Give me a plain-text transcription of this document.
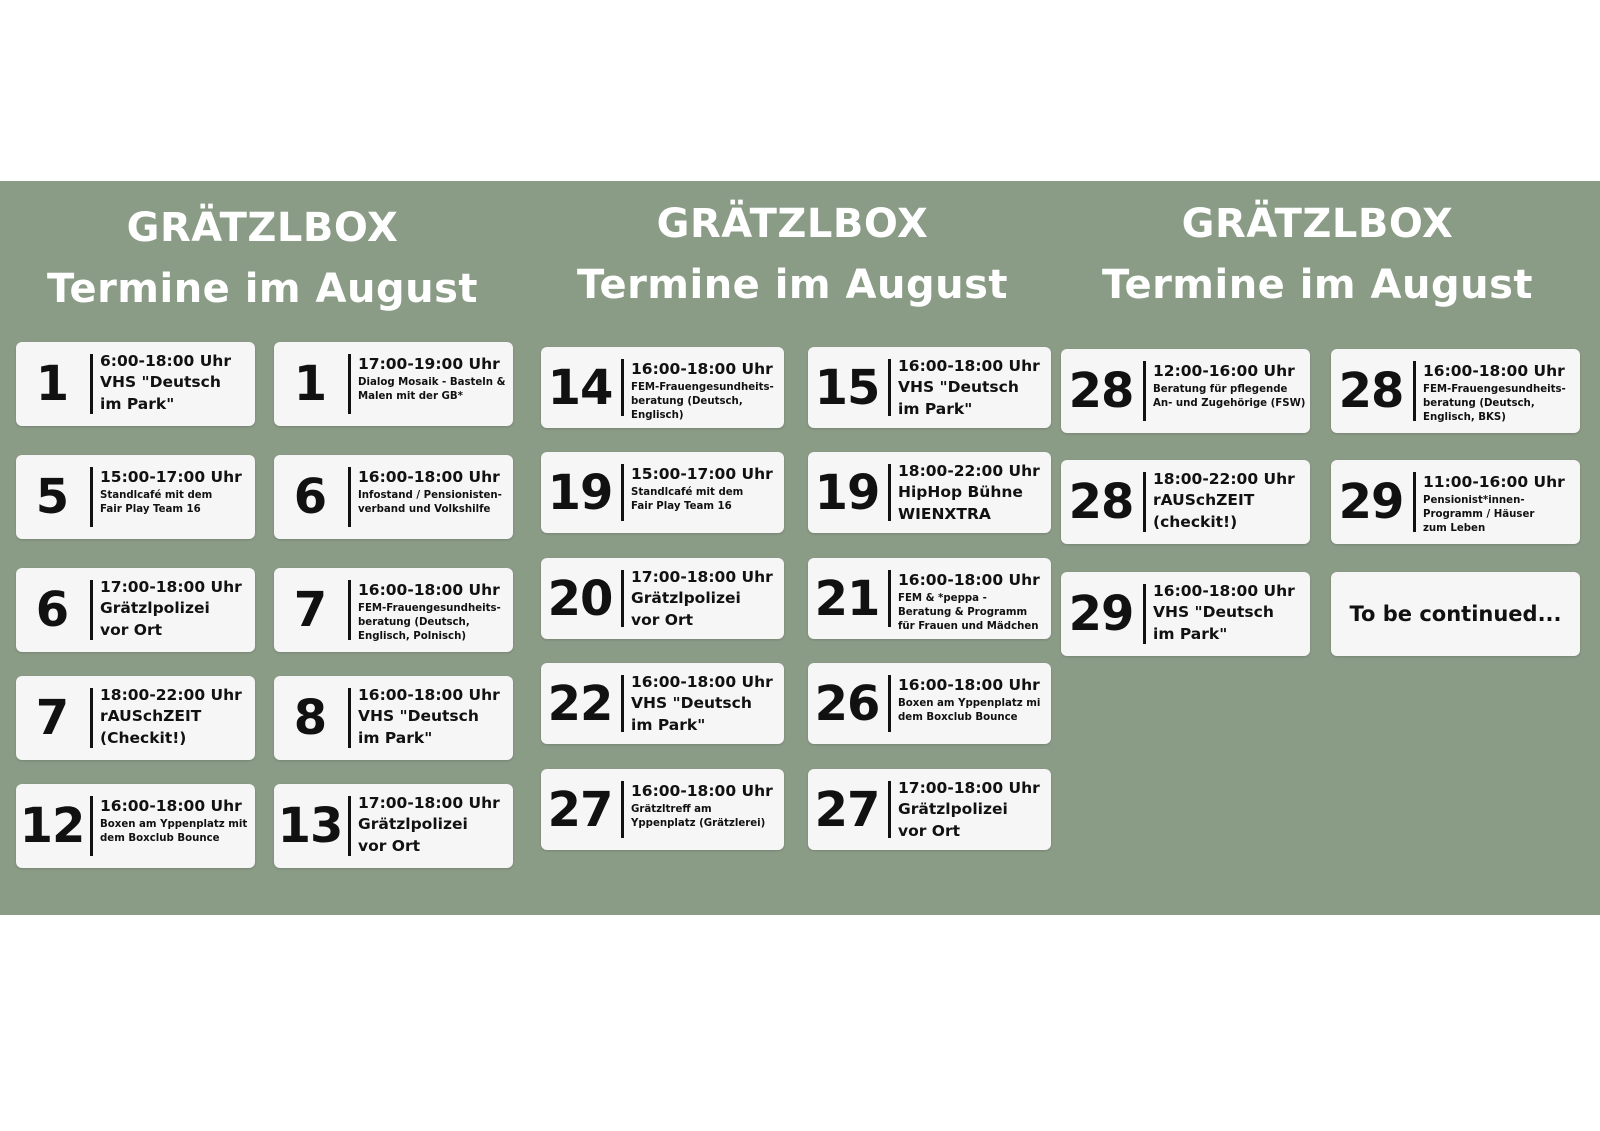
GRÄTZLBOX
Termine im August
GRÄTZLBOX
Termine im August
GRÄTZLBOX
Termine im August
1	6:00-18:00 Uhr
VHS "Deutsch
im Park"	1	17:00-19:00 Uhr
Dialog Mosaik - Basteln &
Malen mit der GB*
5	15:00-17:00 Uhr
Standlcafé mit dem
Fair Play Team 16	6	16:00-18:00 Uhr
Infostand / Pensionisten-
verband und Volkshilfe
6	17:00-18:00 Uhr
Grätzlpolizei
vor Ort	7	16:00-18:00 Uhr
FEM-Frauengesundheits-
beratung (Deutsch,
Englisch, Polnisch)
7	18:00-22:00 Uhr
rAUSchZEIT
(Checkit!)	8	16:00-18:00 Uhr
VHS "Deutsch
im Park"
12 16:00-18:00 Uhr
Boxen am Yppenplatz mit
dem Boxclub Bounce	13 17:00-18:00 Uhr
Grätzlpolizei
vor Ort
14	16:00-18:00 Uhr
FEM-Frauengesundheits-
beratung (Deutsch,
Englisch)	15	16:00-18:00 Uhr
VHS "Deutsch
im Park"
19	15:00-17:00 Uhr
Standlcafé mit dem
Fair Play Team 16	19	18:00-22:00 Uhr
HipHop Bühne
WIENXTRA
20	17:00-18:00 Uhr
Grätzlpolizei
vor Ort	21	16:00-18:00 Uhr
FEM & *peppa -
Beratung & Programm
für Frauen und Mädchen
22	16:00-18:00 Uhr
VHS "Deutsch
im Park"	26	16:00-18:00 Uhr
Boxen am Yppenplatz mi
dem Boxclub Bounce
27	16:00-18:00 Uhr
Grätzltreff am
Yppenplatz (Grätzlerei)	27	17:00-18:00 Uhr
Grätzlpolizei
vor Ort
28	12:00-16:00 Uhr
Beratung für pflegende
An- und Zugehörige (FSW) 28	16:00-18:00 Uhr
FEM-Frauengesundheits-
beratung (Deutsch,
Englisch, BKS)
28	18:00-22:00 Uhr
rAUSchZEIT
(checkit!)	29	11:00-16:00 Uhr
Pensionist*innen-
Programm / Häuser
zum Leben
29	16:00-18:00 Uhr
VHS "Deutsch
im Park"
To be continued...
